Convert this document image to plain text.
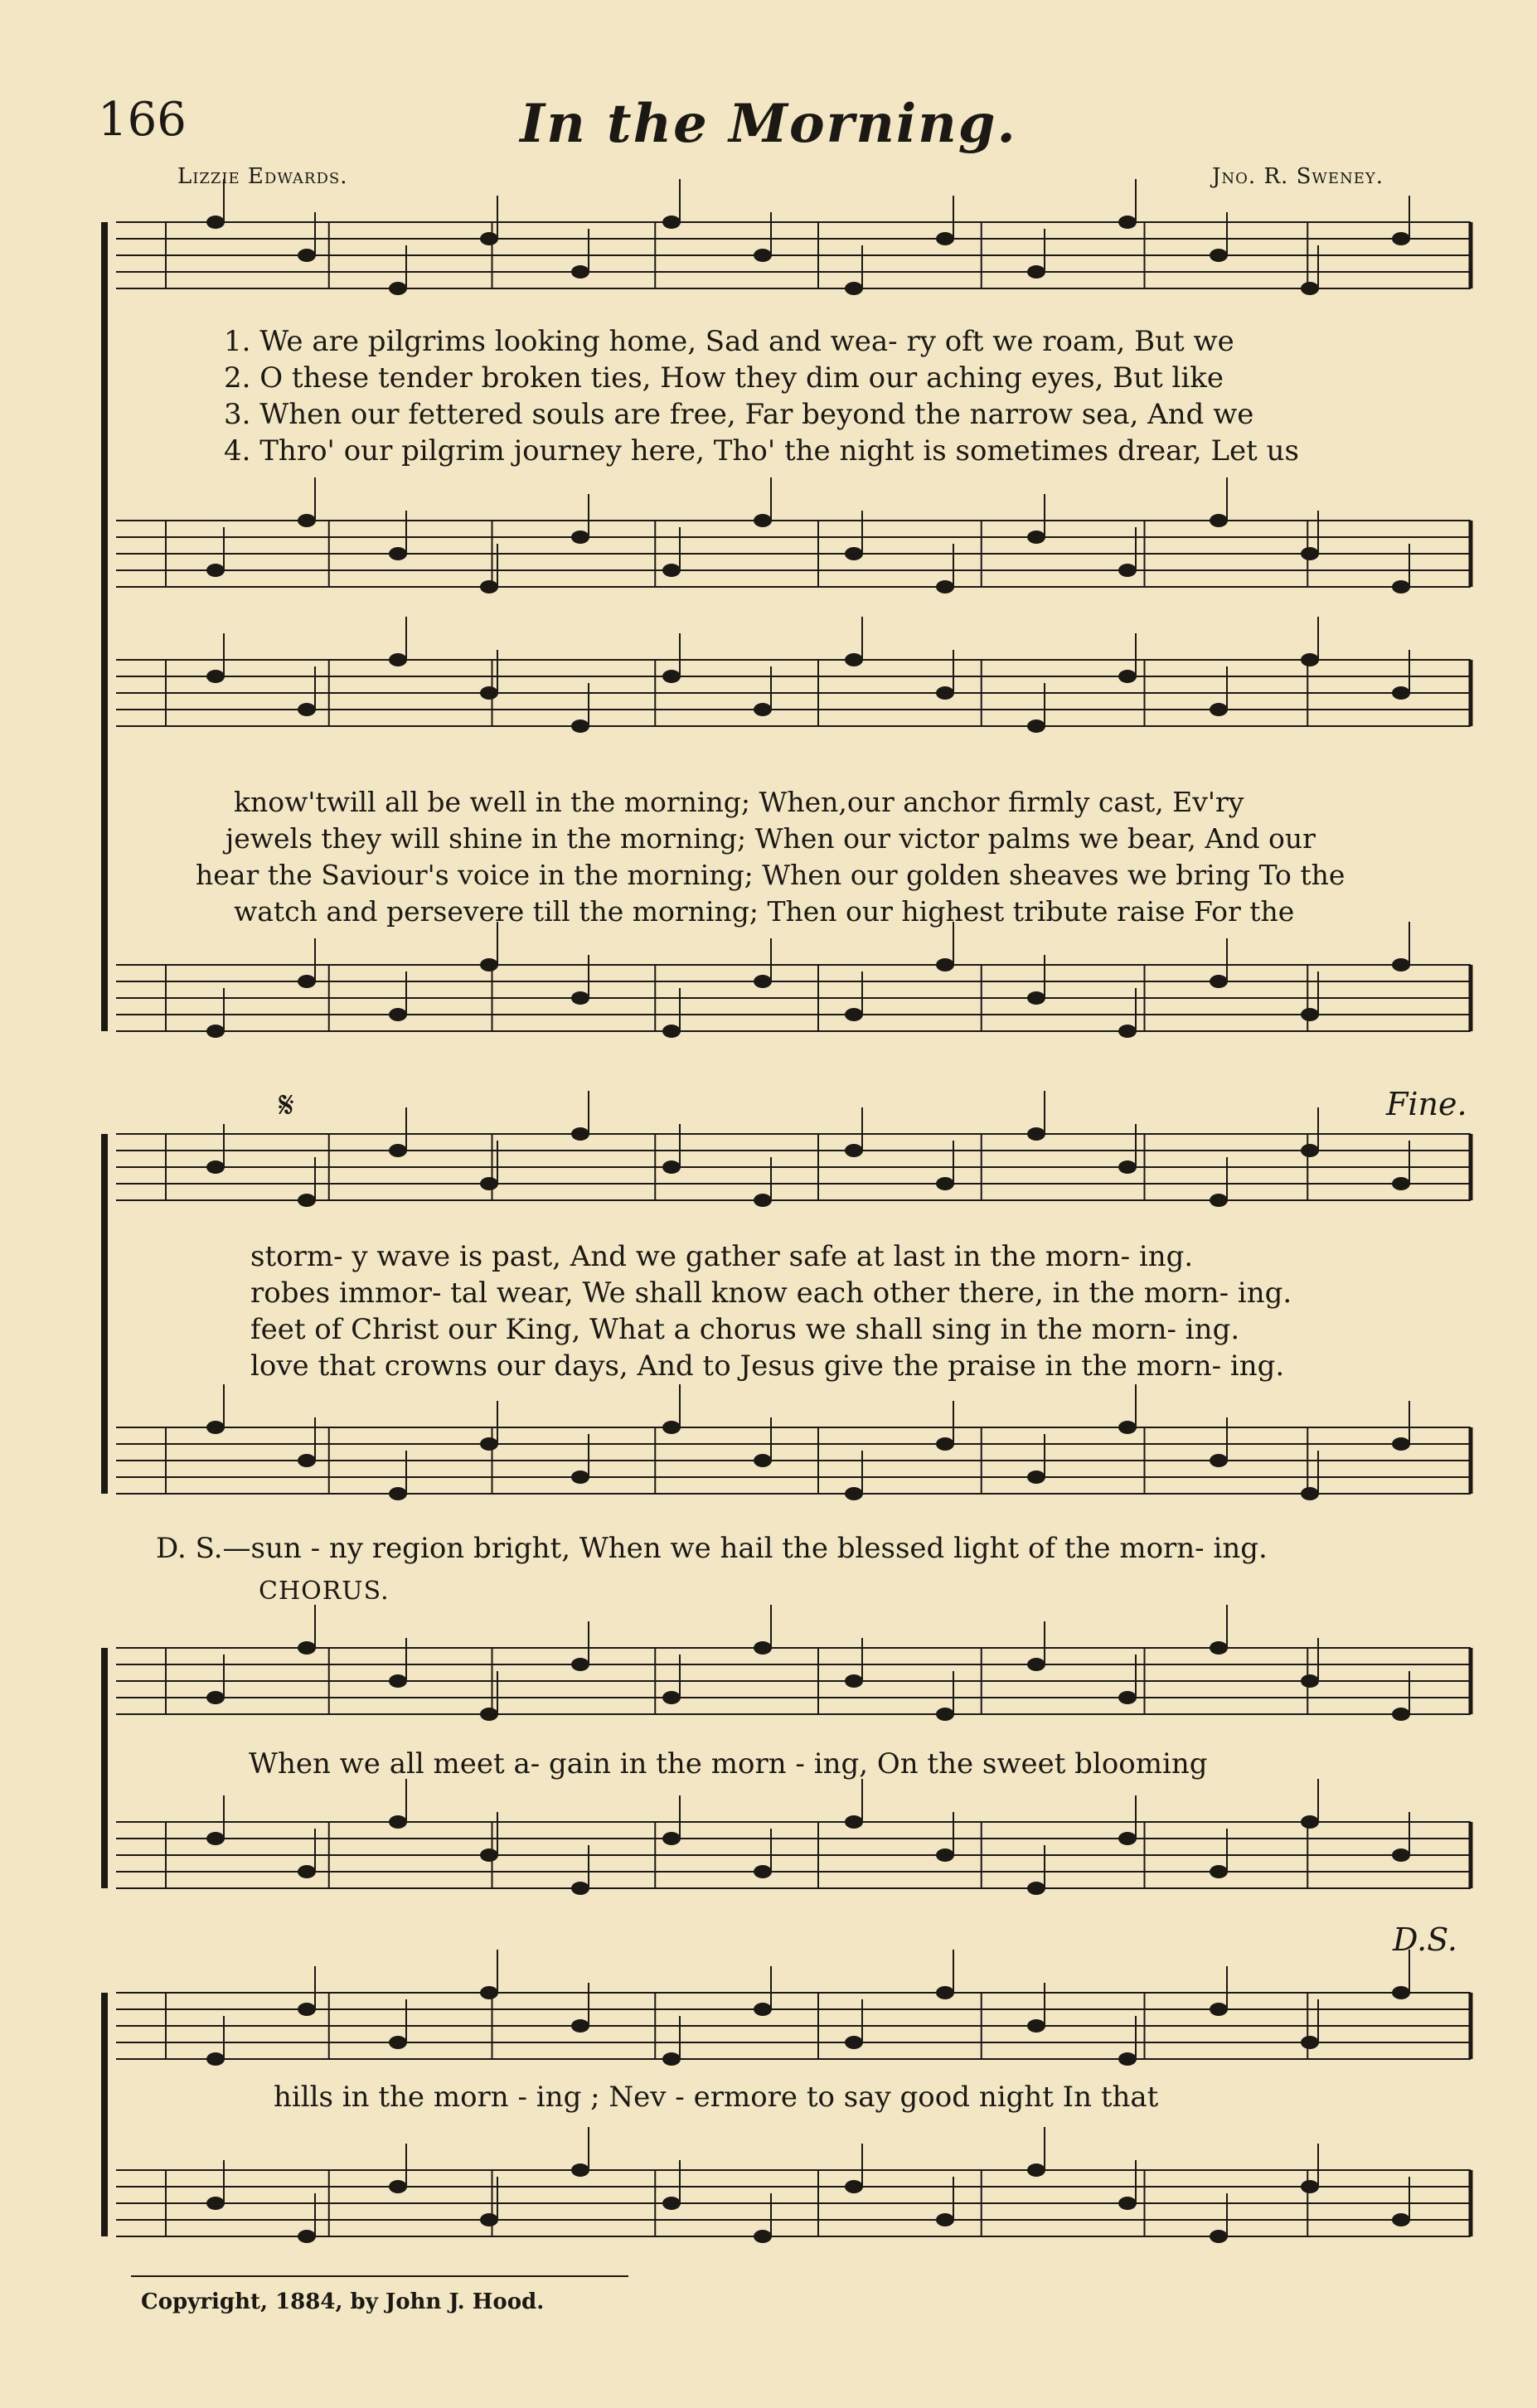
166	In the Morning.
Lizzie Edwards.	Jno. R. Sweney.
1. We are pilgrims looking home, Sad and wea- ry oft we roam, But we
2. O these tender broken ties, How they dim our aching eyes, But like
3. When our fettered souls are free, Far beyond the narrow sea, And we
4. Thro' our pilgrim journey here, Tho' the night is sometimes drear, Let us
know'twill all be well in the morning; When,our anchor firmly cast, Ev'ry
jewels they will shine in the morning; When our victor palms we bear, And our
hear the Saviour's voice in the morning; When our golden sheaves we bring To the
watch and persevere till the morning; Then our highest tribute raise For the
𝄋	Fine.
storm- y wave is past, And we gather safe at last in the morn- ing.
robes immor- tal wear, We shall know each other there, in the morn- ing.
feet of Christ our King, What a chorus we shall sing in the morn- ing.
love that crowns our days, And to Jesus give the praise in the morn- ing.
D. S.—sun - ny region bright, When we hail the blessed light of the morn- ing.
CHORUS.
When we all meet a- gain in the morn - ing, On the sweet blooming
D.S.
hills in the morn - ing ; Nev - ermore to say good night In that
Copyright, 1884, by John J. Hood.
